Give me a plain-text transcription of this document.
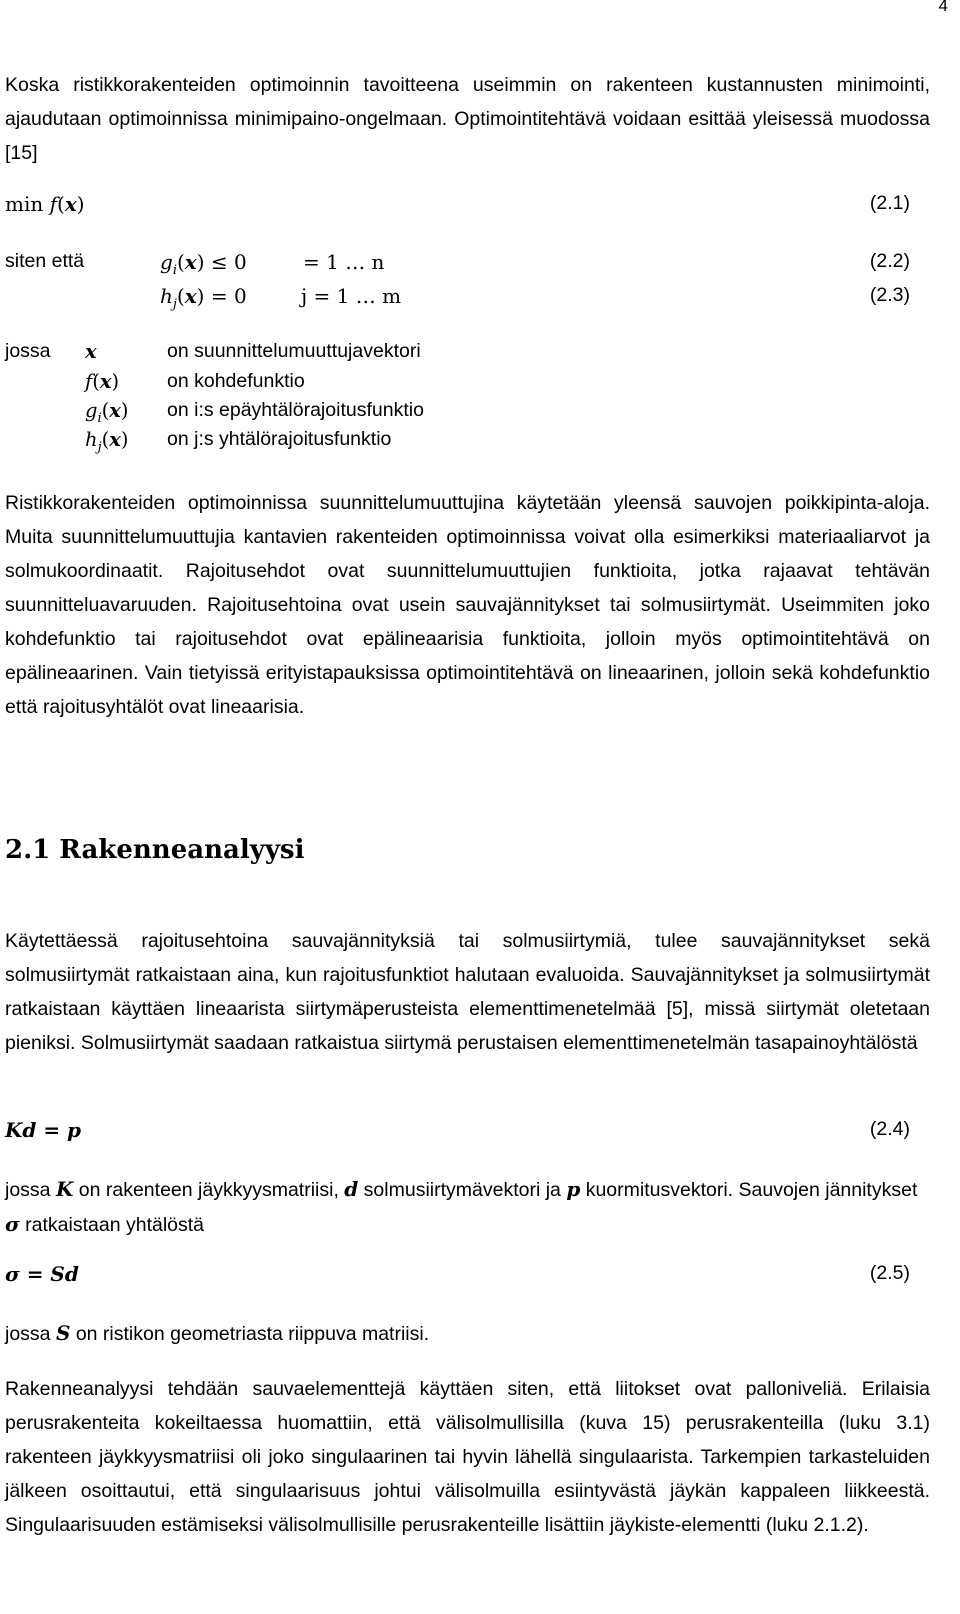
4

Koska ristikkorakenteiden optimoinnin tavoitteena useimmin on rakenteen kustannusten minimointi, ajaudutaan optimoinnissa minimipaino-ongelmaan. Optimointitehtävä voidaan esittää yleisessä muodossa [15]

min f(x)	(2.1)
siten että	$g_i(x) \le 0$	= 1 … n	(2.2)
$h_j(x) = 0$	j = 1 … m	(2.3)
jossa x	on suunnittelumuuttujavektori
f(x) on kohdefunktio
$g_i(x)$ on i:s epäyhtälörajoitusfunktio
$h_j(x)$ on j:s yhtälörajoitusfunktio

Ristikkorakenteiden optimoinnissa suunnittelumuuttujina käytetään yleensä sauvojen poikkipinta-aloja. Muita suunnittelumuuttujia kantavien rakenteiden optimoinnissa voivat olla esimerkiksi materiaaliarvot ja solmukoordinaatit. Rajoitusehdot ovat suunnittelumuuttujien funktioita, jotka rajaavat tehtävän suunnitteluavaruuden. Rajoitusehtoina ovat usein sauvajännitykset tai solmusiirtymät. Useimmiten joko kohdefunktio tai rajoitusehdot ovat epälineaarisia funktioita, jolloin myös optimointitehtävä on epälineaarinen. Vain tietyissä erityistapauksissa optimointitehtävä on lineaarinen, jolloin sekä kohdefunktio että rajoitusyhtälöt ovat lineaarisia.

2.1 Rakenneanalyysi

Käytettäessä rajoitusehtoina sauvajännityksiä tai solmusiirtymiä, tulee sauvajännitykset sekä solmusiirtymät ratkaistaan aina, kun rajoitusfunktiot halutaan evaluoida. Sauvajännitykset ja solmusiirtymät ratkaistaan käyttäen lineaarista siirtymäperusteista elementtimenetelmää [5], missä siirtymät oletetaan pieniksi. Solmusiirtymät saadaan ratkaistua siirtymä perustaisen elementtimenetelmän tasapainoyhtälöstä

Kd = p	(2.4)

jossa K on rakenteen jäykkyysmatriisi, d solmusiirtymävektori ja p kuormitusvektori. Sauvojen jännitykset σ ratkaistaan yhtälöstä

σ = Sd	(2.5)

jossa S on ristikon geometriasta riippuva matriisi.

Rakenneanalyysi tehdään sauvaelementtejä käyttäen siten, että liitokset ovat palloniveliä. Erilaisia perusrakenteita kokeiltaessa huomattiin, että välisolmullisilla (kuva 15) perusrakenteilla (luku 3.1) rakenteen jäykkyysmatriisi oli joko singulaarinen tai hyvin lähellä singulaarista. Tarkempien tarkasteluiden jälkeen osoittautui, että singulaarisuus johtui välisolmuilla esiintyvästä jäykän kappaleen liikkeestä. Singulaarisuuden estämiseksi välisolmullisille perusrakenteille lisättiin jäykiste-elementti (luku 2.1.2).
